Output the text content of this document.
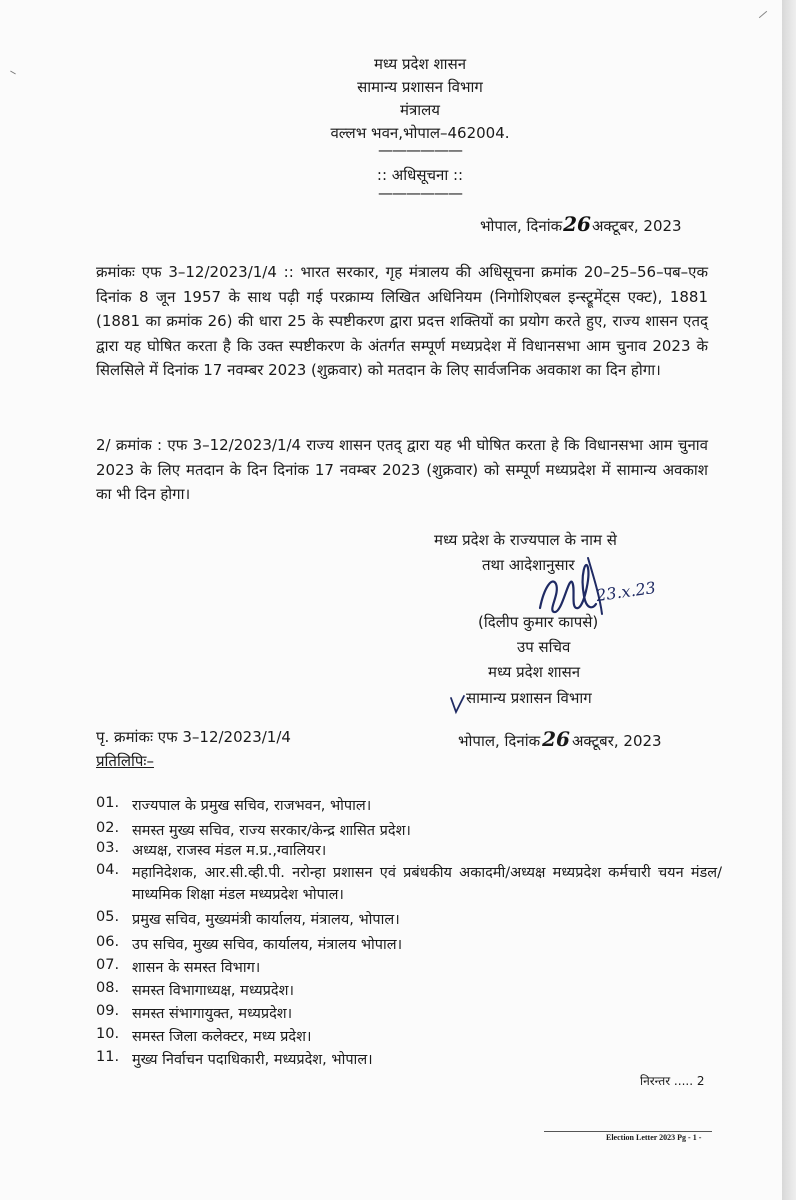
मध्य प्रदेश शासन
सामान्य प्रशासन विभाग
मंत्रालय
वल्लभ भवन,भोपाल–462004.
——————
:: अधिसूचना ::
——————
भोपाल, दिनांक26अक्टूबर, 2023
क्रमांकः एफ 3–12/2023/1/4 :: भारत सरकार, गृह मंत्रालय की अधिसूचना क्रमांक 20–25–56–पब–एक दिनांक 8 जून 1957 के साथ पढ़ी गई परक्राम्य लिखित अधिनियम (निगोशिएबल इन्स्ट्रूमेंट्स एक्ट), 1881 (1881 का क्रमांक 26) की धारा 25 के स्पष्टीकरण द्वारा प्रदत्त शक्तियों का प्रयोग करते हुए, राज्य शासन एतद् द्वारा यह घोषित करता है कि उक्त स्पष्टीकरण के अंतर्गत सम्पूर्ण मध्यप्रदेश में विधानसभा आम चुनाव 2023 के सिलसिले में दिनांक 17 नवम्बर 2023 (शुक्रवार) को मतदान के लिए सार्वजनिक अवकाश का दिन होगा।
2/ क्रमांक : एफ 3–12/2023/1/4 राज्य शासन एतद् द्वारा यह भी घोषित करता हे कि विधानसभा आम चुनाव 2023 के लिए मतदान के दिन दिनांक 17 नवम्बर 2023 (शुक्रवार) को सम्पूर्ण मध्यप्रदेश में सामान्य अवकाश का भी दिन होगा।
मध्य प्रदेश के राज्यपाल के नाम से
तथा आदेशानुसार
23.x.23
(दिलीप कुमार कापसे)
उप सचिव
मध्य प्रदेश शासन
सामान्य प्रशासन विभाग
पृ. क्रमांकः एफ 3–12/2023/1/4	भोपाल, दिनांक 26 अक्टूबर, 2023
प्रतिलिपिः–
01. राज्यपाल के प्रमुख सचिव, राजभवन, भोपाल।
02. समस्त मुख्य सचिव, राज्य सरकार/केन्द्र शासित प्रदेश।
03. अध्यक्ष, राजस्व मंडल म.प्र.,ग्वालियर।
04. महानिदेशक, आर.सी.व्ही.पी. नरोन्हा प्रशासन एवं प्रबंधकीय अकादमी/अध्यक्ष मध्यप्रदेश कर्मचारी चयन मंडल/ माध्यमिक शिक्षा मंडल मध्यप्रदेश भोपाल।
05. प्रमुख सचिव, मुख्यमंत्री कार्यालय, मंत्रालय, भोपाल।
06. उप सचिव, मुख्य सचिव, कार्यालय, मंत्रालय भोपाल।
07. शासन के समस्त विभाग।
08. समस्त विभागाध्यक्ष, मध्यप्रदेश।
09. समस्त संभागायुक्त, मध्यप्रदेश।
10. समस्त जिला कलेक्टर, मध्य प्रदेश।
11. मुख्य निर्वाचन पदाधिकारी, मध्यप्रदेश, भोपाल।
निरन्तर ..... 2
Election Letter 2023 Pg - 1 -
